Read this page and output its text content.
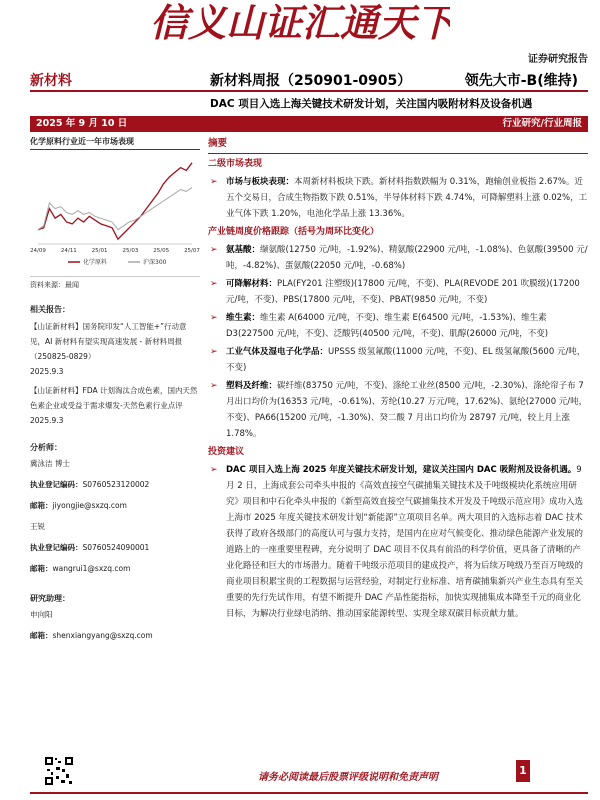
信义山证汇通天下
证券研究报告
新材料	新材料周报（250901-0905）	领先大市-B(维持)
DAC 项目入选上海关键技术研发计划，关注国内吸附材料及设备机遇
2025 年 9 月 10 日	行业研究/行业周报
化学原料行业近一年市场表现
24/09	24/11	25/01	25/03	25/05	25/07
化学原料	沪深300
资料来源：最闻
相关报告：
【山证新材料】国务院印发“人工智能+”行动意见，AI 新材料有望实现高速发展 - 新材料周报（250825-0829）
2025.9.3
【山证新材料】FDA 计划淘汰合成色素，国内天然色素企业或受益于需求爆发-天然色素行业点评 2025.9.3
分析师：
冀泳洁 博士
执业登记编码：S0760523120002
邮箱：jiyongjie@sxzq.com
王锐
执业登记编码：S0760524090001
邮箱：wangrui1@sxzq.com
研究助理：
申向阳
邮箱：shenxiangyang@sxzq.com
摘要
二级市场表现
➢ 市场与板块表现：本周新材料板块下跌。新材料指数跌幅为 0.31%，跑输创业板指 2.67%。近五个交易日，合成生物指数下跌 0.51%，半导体材料下跌 4.74%，可降解塑料上涨 0.02%，工业气体下跌 1.20%，电池化学品上涨 13.36%。
产业链周度价格跟踪（括号为周环比变化）
➢ 氨基酸：缬氨酸(12750 元/吨，-1.92%)、精氨酸(22900 元/吨，-1.08%)、色氨酸(39500 元/吨，-4.82%)、蛋氨酸(22050 元/吨，-0.68%)
➢ 可降解材料：PLA(FY201 注塑级)(17800 元/吨，不变)、PLA(REVODE 201 吹膜级)(17200 元/吨，不变)、PBS(17800 元/吨，不变)、PBAT(9850 元/吨，不变)
➢ 维生素：维生素 A(64000 元/吨，不变)、维生素 E(64500 元/吨，-1.53%)、维生素 D3(227500 元/吨，不变)、泛酸钙(40500 元/吨，不变)、肌醇(26000 元/吨，不变)
➢ 工业气体及湿电子化学品：UPSSS 级氢氟酸(11000 元/吨，不变)、EL 级氢氟酸(5600 元/吨，不变)
➢ 塑料及纤维：碳纤维(83750 元/吨，不变)、涤纶工业丝(8500 元/吨，-2.30%)、涤纶帘子布 7 月出口均价为(16353 元/吨，-0.61%)、芳纶(10.27 万元/吨，17.62%)、氨纶(27000 元/吨，不变)、PA66(15200 元/吨，-1.30%)、癸二酸 7 月出口均价为 28797 元/吨，较上月上涨 1.78%。
投资建议
➢ DAC 项目入选上海 2025 年度关键技术研发计划，建议关注国内 DAC 吸附剂及设备机遇。9 月 2 日，上海成套公司牵头申报的《高效直接空气碳捕集关键技术及千吨级模块化系统应用研究》项目和中石化牵头申报的《新型高效直接空气碳捕集技术开发及千吨级示范应用》成功入选上海市 2025 年度关键技术研发计划“新能源”立项项目名单。两大项目的入选标志着 DAC 技术获得了政府各级部门的高度认可与强力支持，是国内在应对气候变化、推动绿色能源产业发展的道路上的一座重要里程碑，充分说明了 DAC 项目不仅具有前沿的科学价值，更具备了清晰的产业化路径和巨大的市场潜力。随着千吨级示范项目的建成投产，将为后续万吨级乃至百万吨级的商业项目积累宝贵的工程数据与运营经验，对制定行业标准、培育碳捕集新兴产业生态具有至关重要的先行先试作用，有望不断提升 DAC 产品性能指标，加快实现捕集成本降至千元的商业化目标，为解决行业绿电消纳、推动国家能源转型、实现全球双碳目标贡献力量。
请务必阅读最后股票评级说明和免责声明
1
